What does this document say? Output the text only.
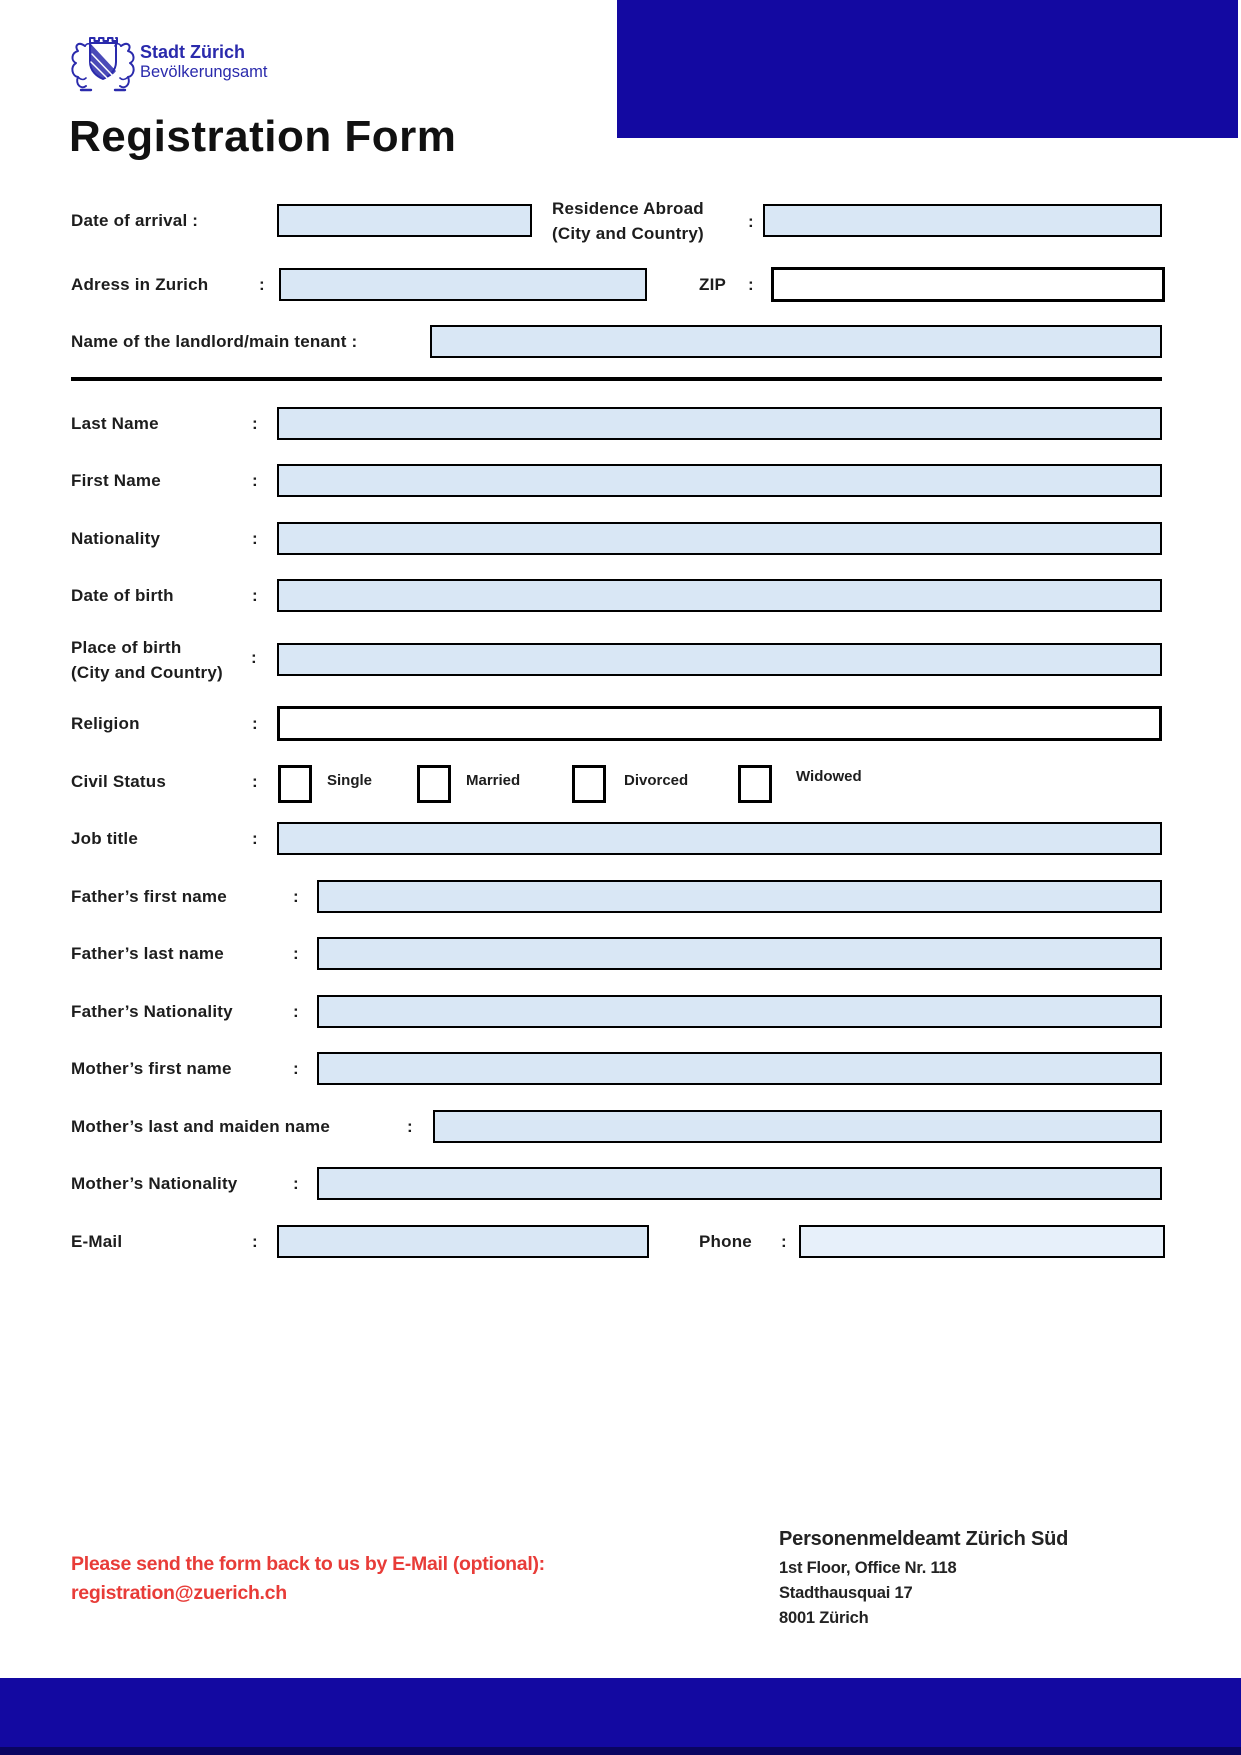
Stadt Zürich
Bevölkerungsamt
Registration Form
Date of arrival :
Residence Abroad
(City and Country)
:
Adress in Zurich	:	ZIP :
Name of the landlord/main tenant :
Last Name	:
First Name	:
Nationality	:
Date of birth	:
Place of birth
(City and Country)
:
Religion	:
Civil Status	:	Single	Married	Divorced	Widowed
Job title	:
Father’s first name	:
Father’s last name	:
Father’s Nationality	:
Mother’s first name	:
Mother’s last and maiden name	:
Mother’s Nationality	:
E-Mail	:	Phone :
Please send the form back to us by E-Mail (optional):
registration@zuerich.ch
Personenmeldeamt Zürich Süd
1st Floor, Office Nr. 118
Stadthausquai 17
8001 Zürich
